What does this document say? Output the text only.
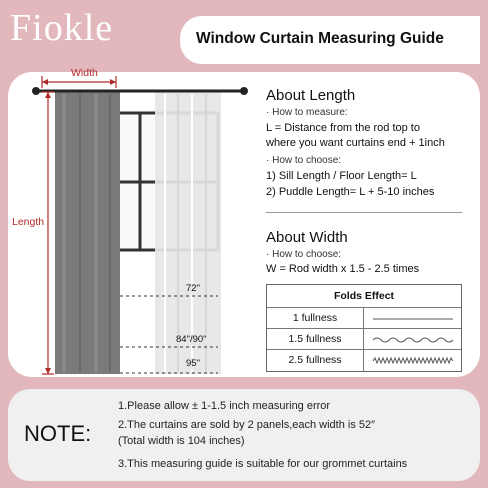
Fiokle	Window Curtain Measuring Guide
Width
Length
72"
84"/90"
95"
About Length
· How to measure:
L = Distance from the rod top to
where you want curtains end + 1inch
· How to choose:
1) Sill Length / Floor Length= L
2) Puddle Length= L + 5-10 inches
About Width
· How to choose:
W = Rod width x 1.5 - 2.5 times
Folds Effect
1 fullness
1.5 fullness
2.5 fullness
NOTE:
1.Please allow ± 1-1.5 inch measuring error
2.The curtains are sold by 2 panels,each width is 52″
(Total width is 104 inches)
3.This measuring guide is suitable for our grommet curtains
